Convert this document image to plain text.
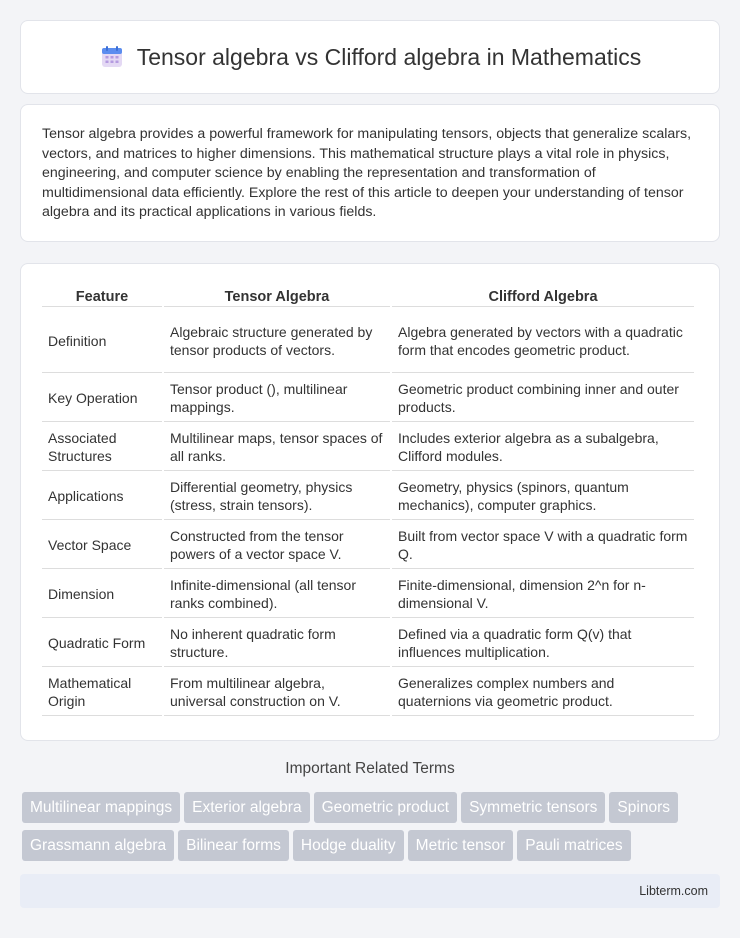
Tensor algebra vs Clifford algebra in Mathematics

Tensor algebra provides a powerful framework for manipulating tensors, objects that generalize scalars, vectors, and matrices to higher dimensions. This mathematical structure plays a vital role in physics, engineering, and computer science by enabling the representation and transformation of multidimensional data efficiently. Explore the rest of this article to deepen your understanding of tensor algebra and its practical applications in various fields.

Feature	Tensor Algebra	Clifford Algebra
Definition	Algebraic structure generated by tensor products of vectors.	Algebra generated by vectors with a quadratic form that encodes geometric product.
Key Operation	Tensor product (), multilinear mappings.	Geometric product combining inner and outer products.
Associated Structures	Multilinear maps, tensor spaces of all ranks.	Includes exterior algebra as a subalgebra, Clifford modules.
Applications	Differential geometry, physics (stress, strain tensors).	Geometry, physics (spinors, quantum mechanics), computer graphics.
Vector Space	Constructed from the tensor powers of a vector space V.	Built from vector space V with a quadratic form Q.
Dimension	Infinite-dimensional (all tensor ranks combined).	Finite-dimensional, dimension 2^n for n-dimensional V.
Quadratic Form	No inherent quadratic form structure.	Defined via a quadratic form Q(v) that influences multiplication.
Mathematical Origin	From multilinear algebra, universal construction on V.	Generalizes complex numbers and quaternions via geometric product.
Important Related Terms
Multilinear mappings Exterior algebra Geometric product Symmetric tensors Spinors
Grassmann algebra Bilinear forms Hodge duality Metric tensor Pauli matrices
Libterm.com
